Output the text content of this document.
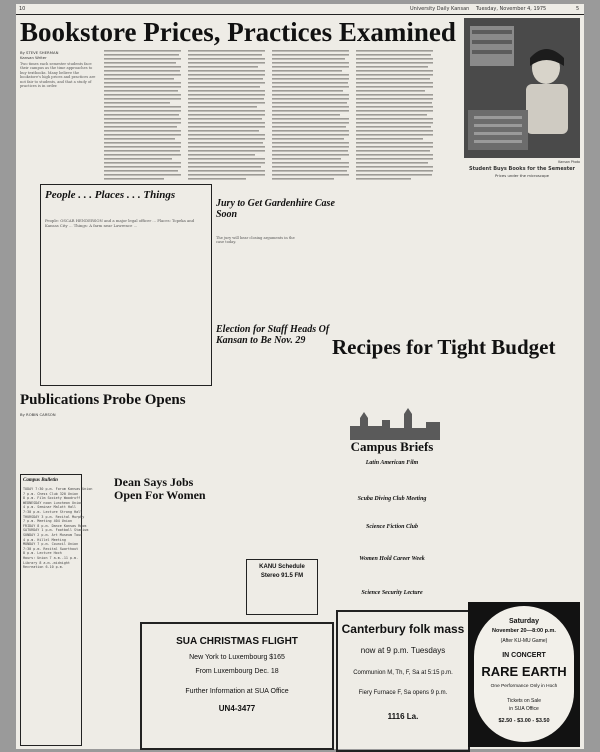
10	University Daily Kansan Tuesday, November 4, 1975	5
Bookstore Prices, Practices Examined
By STEVE SHERMAN
Kansan Writer
Two times each semester students face their campus as the time approaches to buy textbooks. Many believe the bookstore's high prices and practices are not fair to students, and that a study of practices is in order.
Kansan Photo
Student Buys Books for the Semester
Prices under the microscope
People . . . Places . . . Things
People: OSCAR HENDERSON and a major legal officer ... Places: Topeka and Kansas City ... Things: A farm near Lawrence ...
Jury to Get Gardenhire Case Soon
The jury will hear closing arguments in the case today.
Election for Staff Heads Of Kansan to Be Nov. 29
Publications Probe Opens
By ROBIN CARSON
Campus Bulletin
TODAY 7:30 p.m. Forum Kansas Union
7 p.m. Chess Club 320 Union
8 p.m. Film Society Woodruff
WEDNESDAY noon Luncheon Union
4 p.m. Seminar Malott Hall
7:30 p.m. Lecture Strong Hall
THURSDAY 3 p.m. Recital Murphy
7 p.m. Meeting 404 Union
FRIDAY 8 p.m. Dance Kansas Room
SATURDAY 1 p.m. Football Stadium
SUNDAY 2 p.m. Art Museum Tour
4 p.m. Hillel Meeting
MONDAY 7 p.m. Council Union
7:30 p.m. Recital Swarthout
8 p.m. Lecture Hoch
Hours: Union 7 a.m.-11 p.m.
Library 8 a.m.-midnight
Recreation 6-10 p.m.
Dean Says Jobs Open For Women
KANU Schedule
Stereo 91.5 FM
SUA CHRISTMAS FLIGHT
New York to Luxembourg $165
From Luxembourg Dec. 18
Further Information at SUA Office
UN4-3477
Recipes for Tight Budget
Campus Briefs
Latin American Film
Scuba Diving Club Meeting
Science Fiction Club
Women Hold Career Week
Science Security Lecture
Canterbury folk mass
now at 9 p.m. Tuesdays
Communion M, Th, F, Sa at 5:15 p.m.
Fiery Furnace F, Sa opens 9 p.m.
1116 La.
Saturday
November 20—8:00 p.m.
(After KU-MU Game)
IN CONCERT
RARE EARTH
One Performance Only in Hoch
Tickets on Sale
in SUA Office
$2.50 - $3.00 - $3.50
